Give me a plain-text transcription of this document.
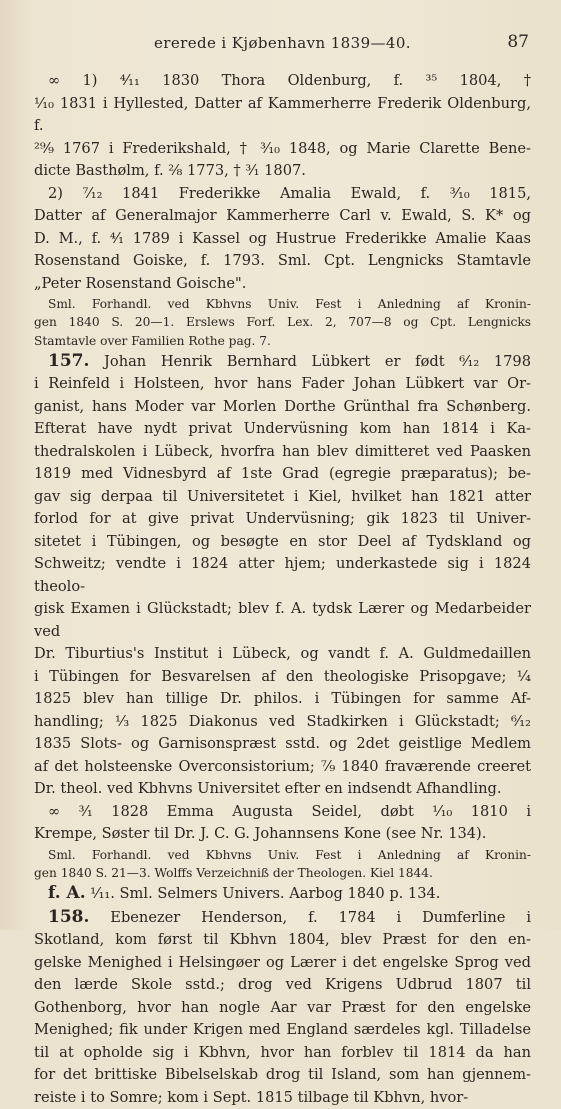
ererede i Kjøbenhavn 1839—40.	87

∞ 1) ⁴⁄₁₁ 1830 Thora Oldenburg, f. ³⁵ 1804, †

¹⁄₁₀ 1831 i Hyllested, Datter af Kammerherre Frederik Oldenburg, f.

²⁹⁄₉ 1767 i Frederikshald, † ³⁄₁₀ 1848, og Marie Clarette Bene-

dicte Basthølm, f. ²⁄₈ 1773, † ³⁄₁ 1807.

2) ⁷⁄₁₂ 1841 Frederikke Amalia Ewald, f. ³⁄₁₀ 1815,

Datter af Generalmajor Kammerherre Carl v. Ewald, S. K* og

D. M., f. ⁴⁄₁ 1789 i Kassel og Hustrue Frederikke Amalie Kaas

Rosenstand Goiske, f. 1793. Sml. Cpt. Lengnicks Stamtavle

„Peter Rosenstand Goische".

Sml. Forhandl. ved Kbhvns Univ. Fest i Anledning af Kronin-

gen 1840 S. 20—1. Erslews Forf. Lex. 2, 707—8 og Cpt. Lengnicks

Stamtavle over Familien Rothe pag. 7.

157. Johan Henrik Bernhard Lübkert er født ⁶⁄₁₂ 1798

i Reinfeld i Holsteen, hvor hans Fader Johan Lübkert var Or-

ganist, hans Moder var Morlen Dorthe Grünthal fra Schønberg.

Efterat have nydt privat Undervüsning kom han 1814 i Ka-

thedralskolen i Lübeck, hvorfra han blev dimitteret ved Paasken

1819 med Vidnesbyrd af 1ste Grad (egregie præparatus); be-

gav sig derpaa til Universitetet i Kiel, hvilket han 1821 atter

forlod for at give privat Undervüsning; gik 1823 til Univer-

sitetet i Tübingen, og besøgte en stor Deel af Tydskland og

Schweitz; vendte i 1824 atter hjem; underkastede sig i 1824 theolo-

gisk Examen i Glückstadt; blev f. A. tydsk Lærer og Medarbeider ved

Dr. Tiburtius's Institut i Lübeck, og vandt f. A. Guldmedaillen

i Tübingen for Besvarelsen af den theologiske Prisopgave; ¹⁄₄

1825 blev han tillige Dr. philos. i Tübingen for samme Af-

handling; ¹⁄₃ 1825 Diakonus ved Stadkirken i Glückstadt; ⁶⁄₁₂

1835 Slots- og Garnisonspræst sstd. og 2det geistlige Medlem

af det holsteenske Overconsistorium; ⁷⁄₉ 1840 fraværende creeret

Dr. theol. ved Kbhvns Universitet efter en indsendt Afhandling.

∞ ³⁄₁ 1828 Emma Augusta Seidel, døbt ¹⁄₁₀ 1810 i

Krempe, Søster til Dr. J. C. G. Johannsens Kone (see Nr. 134).

Sml. Forhandl. ved Kbhvns Univ. Fest i Anledning af Kronin-

gen 1840 S. 21—3. Wolffs Verzeichniß der Theologen. Kiel 1844.

f. A. ¹⁄₁₁. Sml. Selmers Univers. Aarbog 1840 p. 134.

158. Ebenezer Henderson, f. 1784 i Dumferline i

Skotland, kom først til Kbhvn 1804, blev Præst for den en-

gelske Menighed i Helsingøer og Lærer i det engelske Sprog ved

den lærde Skole sstd.; drog ved Krigens Udbrud 1807 til

Gothenborg, hvor han nogle Aar var Præst for den engelske

Menighed; fik under Krigen med England særdeles kgl. Tilladelse

til at opholde sig i Kbhvn, hvor han forblev til 1814 da han

for det brittiske Bibelselskab drog til Island, som han gjennem-

reiste i to Somre; kom i Sept. 1815 tilbage til Kbhvn, hvor-
